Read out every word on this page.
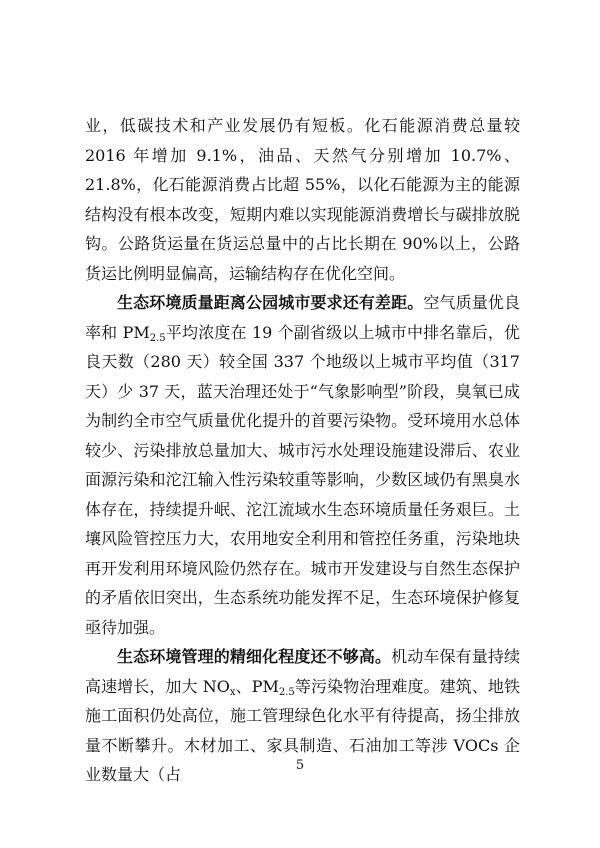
业，低碳技术和产业发展仍有短板。化石能源消费总量较 2016 年增加 9.1%，油品、天然气分别增加 10.7%、21.8%，化石能源消费占比超 55%，以化石能源为主的能源结构没有根本改变，短期内难以实现能源消费增长与碳排放脱钩。公路货运量在货运总量中的占比长期在 90%以上，公路货运比例明显偏高，运输结构存在优化空间。

生态环境质量距离公园城市要求还有差距。空气质量优良率和 $PM_{2.5}$平均浓度在 19 个副省级以上城市中排名靠后，优良天数（280 天）较全国 337 个地级以上城市平均值（317 天）少 37 天，蓝天治理还处于“气象影响型”阶段，臭氧已成为制约全市空气质量优化提升的首要污染物。受环境用水总体较少、污染排放总量加大、城市污水处理设施建设滞后、农业面源污染和沱江输入性污染较重等影响，少数区域仍有黑臭水体存在，持续提升岷、沱江流域水生态环境质量任务艰巨。土壤风险管控压力大，农用地安全利用和管控任务重，污染地块再开发利用环境风险仍然存在。城市开发建设与自然生态保护的矛盾依旧突出，生态系统功能发挥不足，生态环境保护修复亟待加强。

生态环境管理的精细化程度还不够高。机动车保有量持续高速增长，加大 $NO_x$、$PM_{2.5}$等污染物治理难度。建筑、地铁施工面积仍处高位，施工管理绿色化水平有待提高，扬尘排放量不断攀升。木材加工、家具制造、石油加工等涉 VOCs 企业数量大（占	5
